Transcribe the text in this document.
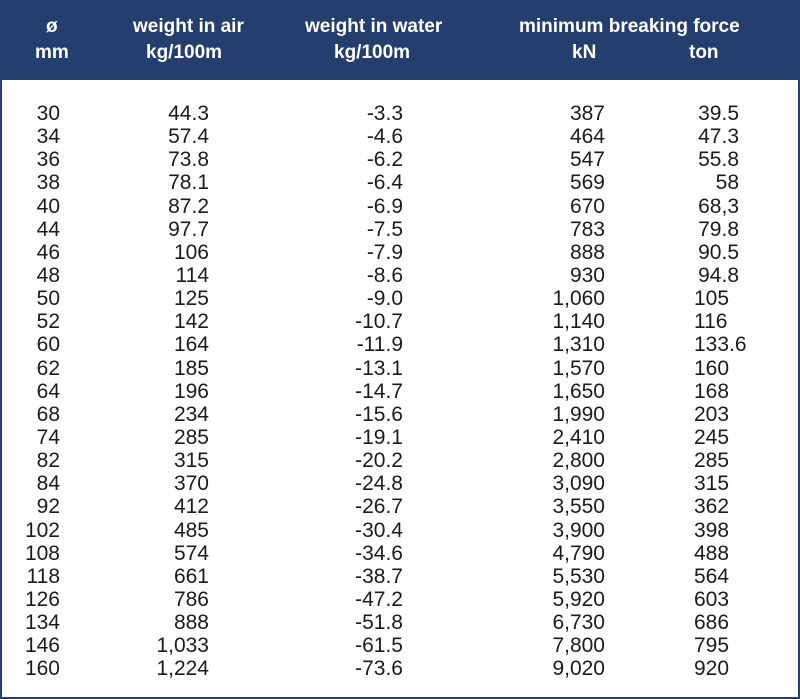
ø
mm
weight in air
kg/100m
weight in water
kg/100m
minimum breaking force
kN	ton
30	44.3	-3.3	387	39.5
34	57.4	-4.6	464	47.3
36	73.8	-6.2	547	55.8
38	78.1	-6.4	569	58
40	87.2	-6.9	670	68,3
44	97.7	-7.5	783	79.8
46	106	-7.9	888	90.5
48	114	-8.6	930	94.8
50	125	-9.0	1,060	105
52	142	-10.7	1,140	116
60	164	-11.9	1,310	133.6
62	185	-13.1	1,570	160
64	196	-14.7	1,650	168
68	234	-15.6	1,990	203
74	285	-19.1	2,410	245
82	315	-20.2	2,800	285
84	370	-24.8	3,090	315
92	412	-26.7	3,550	362
102	485	-30.4	3,900	398
108	574	-34.6	4,790	488
118	661	-38.7	5,530	564
126	786	-47.2	5,920	603
134	888	-51.8	6,730	686
146	1,033	-61.5	7,800	795
160	1,224	-73.6	9,020	920
